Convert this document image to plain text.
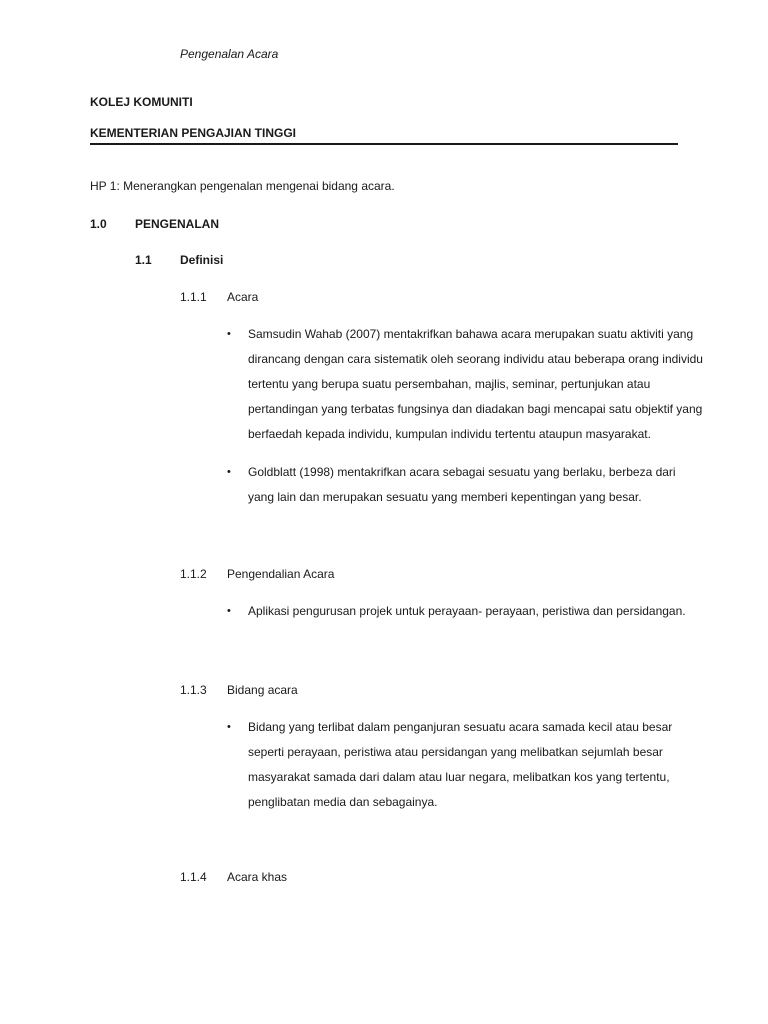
Pengenalan Acara
KOLEJ KOMUNITI
KEMENTERIAN PENGAJIAN TINGGI
HP 1: Menerangkan pengenalan mengenai bidang acara.
1.0 PENGENALAN
1.1 Definisi
1.1.1 Acara
• Samsudin Wahab (2007) mentakrifkan bahawa acara merupakan suatu aktiviti yang
dirancang dengan cara sistematik oleh seorang individu atau beberapa orang individu
tertentu yang berupa suatu persembahan, majlis, seminar, pertunjukan atau
pertandingan yang terbatas fungsinya dan diadakan bagi mencapai satu objektif yang
berfaedah kepada individu, kumpulan individu tertentu ataupun masyarakat.
• Goldblatt (1998) mentakrifkan acara sebagai sesuatu yang berlaku, berbeza dari
yang lain dan merupakan sesuatu yang memberi kepentingan yang besar.
1.1.2 Pengendalian Acara
• Aplikasi pengurusan projek untuk perayaan- perayaan, peristiwa dan persidangan.
1.1.3 Bidang acara
• Bidang yang terlibat dalam penganjuran sesuatu acara samada kecil atau besar
seperti perayaan, peristiwa atau persidangan yang melibatkan sejumlah besar
masyarakat samada dari dalam atau luar negara, melibatkan kos yang tertentu,
penglibatan media dan sebagainya.
1.1.4 Acara khas
